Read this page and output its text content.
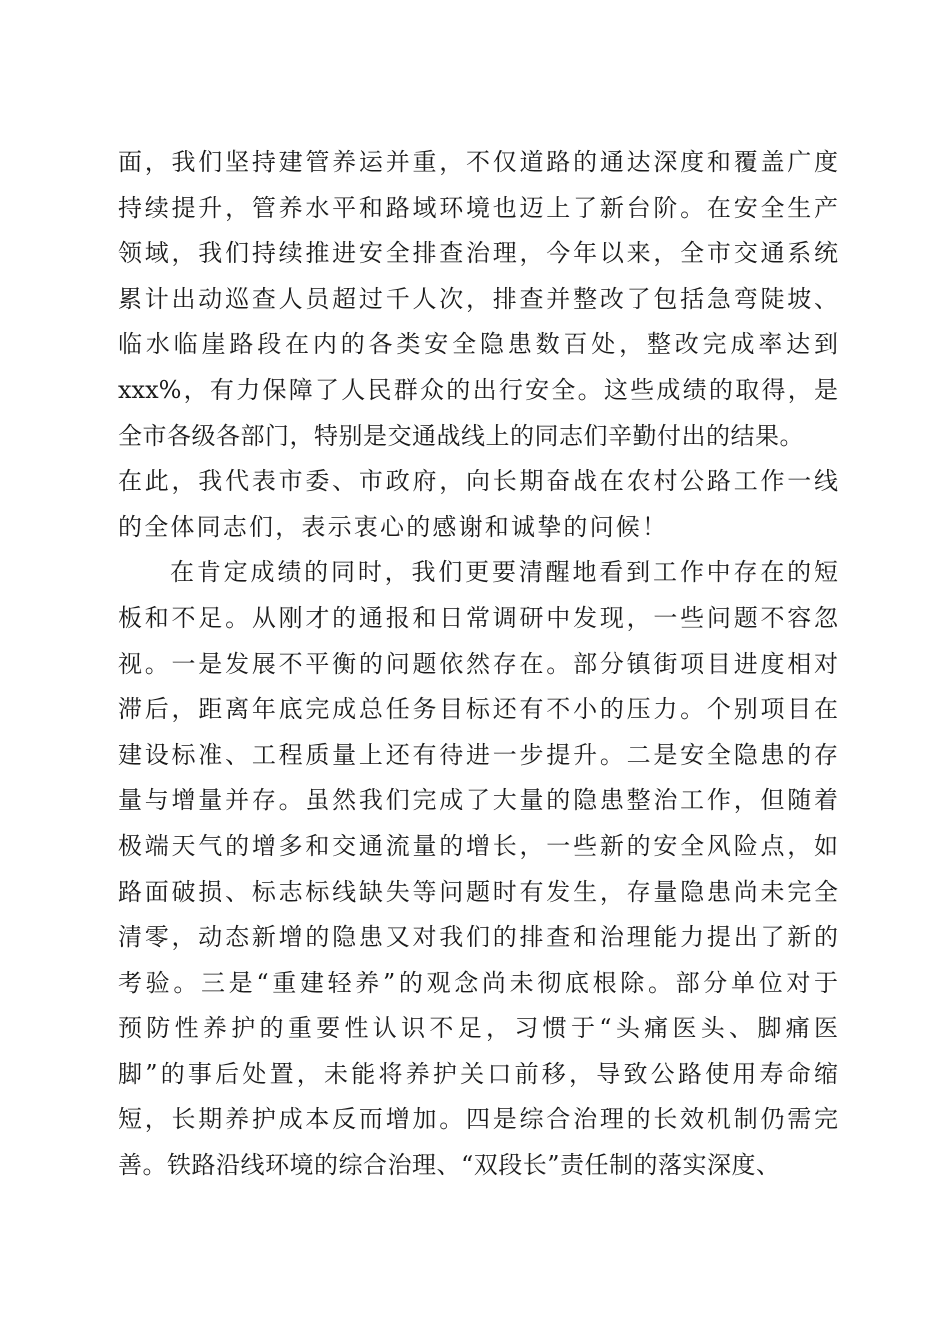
面，我们坚持建管养运并重，不仅道路的通达深度和覆盖广度
持续提升，管养水平和路域环境也迈上了新台阶。在安全生产
领域，我们持续推进安全排查治理，今年以来，全市交通系统
累计出动巡查人员超过千人次，排查并整改了包括急弯陡坡、
临水临崖路段在内的各类安全隐患数百处，整改完成率达到
xxx%，有力保障了人民群众的出行安全。这些成绩的取得，是
全市各级各部门，特别是交通战线上的同志们辛勤付出的结果。
在此，我代表市委、市政府，向长期奋战在农村公路工作一线
的全体同志们，表示衷心的感谢和诚挚的问候！
在肯定成绩的同时，我们更要清醒地看到工作中存在的短
板和不足。从刚才的通报和日常调研中发现，一些问题不容忽
视。一是发展不平衡的问题依然存在。部分镇街项目进度相对
滞后，距离年底完成总任务目标还有不小的压力。个别项目在
建设标准、工程质量上还有待进一步提升。二是安全隐患的存
量与增量并存。虽然我们完成了大量的隐患整治工作，但随着
极端天气的增多和交通流量的增长，一些新的安全风险点，如
路面破损、标志标线缺失等问题时有发生，存量隐患尚未完全
清零，动态新增的隐患又对我们的排查和治理能力提出了新的
考验。三是“重建轻养”的观念尚未彻底根除。部分单位对于
预防性养护的重要性认识不足，习惯于“头痛医头、脚痛医
脚”的事后处置，未能将养护关口前移，导致公路使用寿命缩
短，长期养护成本反而增加。四是综合治理的长效机制仍需完
善。铁路沿线环境的综合治理、“双段长”责任制的落实深度、
